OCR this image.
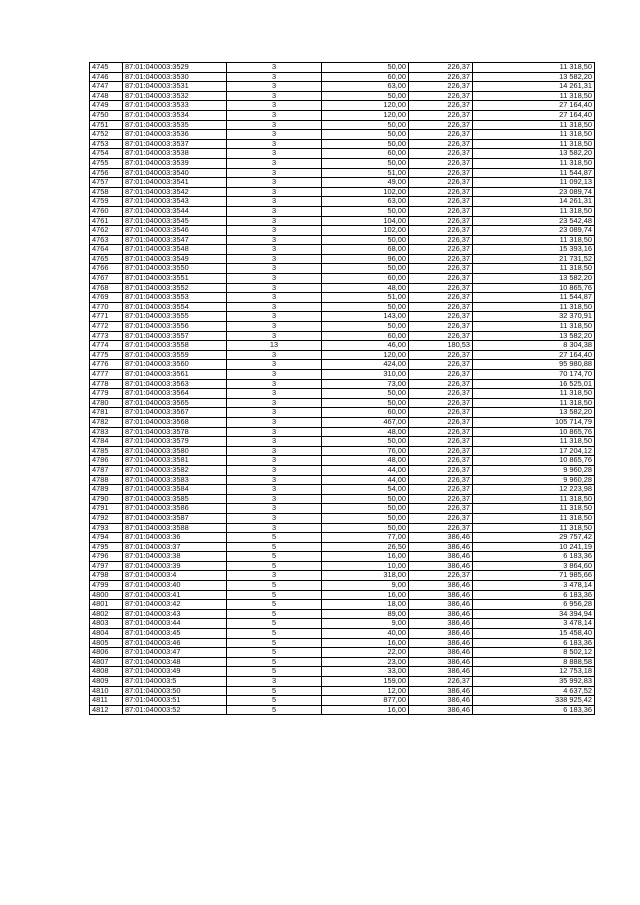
4745	87:01:040003:3529	3	50,00	226,37	11 318,50
4746	87:01:040003:3530	3	60,00	226,37	13 582,20
4747	87:01:040003:3531	3	63,00	226,37	14 261,31
4748	87:01:040003:3532	3	50,00	226,37	11 318,50
4749	87:01:040003:3533	3	120,00	226,37	27 164,40
4750	87:01:040003:3534	3	120,00	226,37	27 164,40
4751	87:01:040003:3535	3	50,00	226,37	11 318,50
4752	87:01:040003:3536	3	50,00	226,37	11 318,50
4753	87:01:040003:3537	3	50,00	226,37	11 318,50
4754	87:01:040003:3538	3	60,00	226,37	13 582,20
4755	87:01:040003:3539	3	50,00	226,37	11 318,50
4756	87:01:040003:3540	3	51,00	226,37	11 544,87
4757	87:01:040003:3541	3	49,00	226,37	11 092,13
4758	87:01:040003:3542	3	102,00	226,37	23 089,74
4759	87:01:040003:3543	3	63,00	226,37	14 261,31
4760	87:01:040003:3544	3	50,00	226,37	11 318,50
4761	87:01:040003:3545	3	104,00	226,37	23 542,48
4762	87:01:040003:3546	3	102,00	226,37	23 089,74
4763	87:01:040003:3547	3	50,00	226,37	11 318,50
4764	87:01:040003:3548	3	68,00	226,37	15 393,16
4765	87:01:040003:3549	3	96,00	226,37	21 731,52
4766	87:01:040003:3550	3	50,00	226,37	11 318,50
4767	87:01:040003:3551	3	60,00	226,37	13 582,20
4768	87:01:040003:3552	3	48,00	226,37	10 865,76
4769	87:01:040003:3553	3	51,00	226,37	11 544,87
4770	87:01:040003:3554	3	50,00	226,37	11 318,50
4771	87:01:040003:3555	3	143,00	226,37	32 370,91
4772	87:01:040003:3556	3	50,00	226,37	11 318,50
4773	87:01:040003:3557	3	60,00	226,37	13 582,20
4774	87:01:040003:3558	13	46,00	180,53	8 304,38
4775	87:01:040003:3559	3	120,00	226,37	27 164,40
4776	87:01:040003:3560	3	424,00	226,37	95 980,88
4777	87:01:040003:3561	3	310,00	226,37	70 174,70
4778	87:01:040003:3563	3	73,00	226,37	16 525,01
4779	87:01:040003:3564	3	50,00	226,37	11 318,50
4780	87:01:040003:3565	3	50,00	226,37	11 318,50
4781	87:01:040003:3567	3	60,00	226,37	13 582,20
4782	87:01:040003:3568	3	467,00	226,37	105 714,79
4783	87:01:040003:3578	3	48,00	226,37	10 865,76
4784	87:01:040003:3579	3	50,00	226,37	11 318,50
4785	87:01:040003:3580	3	76,00	226,37	17 204,12
4786	87:01:040003:3581	3	48,00	226,37	10 865,76
4787	87:01:040003:3582	3	44,00	226,37	9 960,28
4788	87:01:040003:3583	3	44,00	226,37	9 960,28
4789	87:01:040003:3584	3	54,00	226,37	12 223,98
4790	87:01:040003:3585	3	50,00	226,37	11 318,50
4791	87:01:040003:3586	3	50,00	226,37	11 318,50
4792	87:01:040003:3587	3	50,00	226,37	11 318,50
4793	87:01:040003:3588	3	50,00	226,37	11 318,50
4794	87:01:040003:36	5	77,00	386,46	29 757,42
4795	87:01:040003:37	5	26,50	386,46	10 241,19
4796	87:01:040003:38	5	16,00	386,46	6 183,36
4797	87:01:040003:39	5	10,00	386,46	3 864,60
4798	87:01:040003:4	3	318,00	226,37	71 985,66
4799	87:01:040003:40	5	9,00	386,46	3 478,14
4800	87:01:040003:41	5	16,00	386,46	6 183,36
4801	87:01:040003:42	5	18,00	386,46	6 956,28
4802	87:01:040003:43	5	89,00	386,46	34 394,94
4803	87:01:040003:44	5	9,00	386,46	3 478,14
4804	87:01:040003:45	5	40,00	386,46	15 458,40
4805	87:01:040003:46	5	16,00	386,46	6 183,36
4806	87:01:040003:47	5	22,00	386,46	8 502,12
4807	87:01:040003:48	5	23,00	386,46	8 888,58
4808	87:01:040003:49	5	33,00	386,46	12 753,18
4809	87:01:040003:5	3	159,00	226,37	35 992,83
4810	87:01:040003:50	5	12,00	386,46	4 637,52
4811	87:01:040003:51	5	877,00	386,46	338 925,42
4812	87:01:040003:52	5	16,00	386,46	6 183,36
